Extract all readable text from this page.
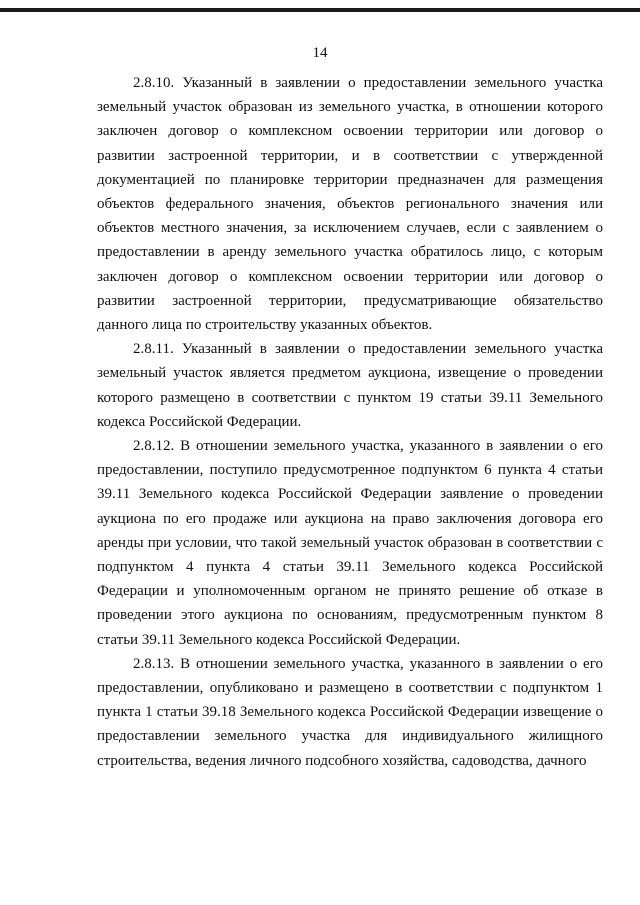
14

2.8.10. Указанный в заявлении о предоставлении земельного участка земельный участок образован из земельного участка, в отношении которого заключен договор о комплексном освоении территории или договор о развитии застроенной территории, и в соответствии с утвержденной документацией по планировке территории предназначен для размещения объектов федерального значения, объектов регионального значения или объектов местного значения, за исключением случаев, если с заявлением о предоставлении в аренду земельного участка обратилось лицо, с которым заключен договор о комплексном освоении территории или договор о развитии застроенной территории, предусматривающие обязательство данного лица по строительству указанных объектов.

2.8.11. Указанный в заявлении о предоставлении земельного участка земельный участок является предметом аукциона, извещение о проведении которого размещено в соответствии с пунктом 19 статьи 39.11 Земельного кодекса Российской Федерации.

2.8.12. В отношении земельного участка, указанного в заявлении о его предоставлении, поступило предусмотренное подпунктом 6 пункта 4 статьи 39.11 Земельного кодекса Российской Федерации заявление о проведении аукциона по его продаже или аукциона на право заключения договора его аренды при условии, что такой земельный участок образован в соответствии с подпунктом 4 пункта 4 статьи 39.11 Земельного кодекса Российской Федерации и уполномоченным органом не принято решение об отказе в проведении этого аукциона по основаниям, предусмотренным пунктом 8 статьи 39.11 Земельного кодекса Российской Федерации.

2.8.13. В отношении земельного участка, указанного в заявлении о его предоставлении, опубликовано и размещено в соответствии с подпунктом 1 пункта 1 статьи 39.18 Земельного кодекса Российской Федерации извещение о предоставлении земельного участка для индивидуального жилищного строительства, ведения личного подсобного хозяйства, садоводства, дачного
